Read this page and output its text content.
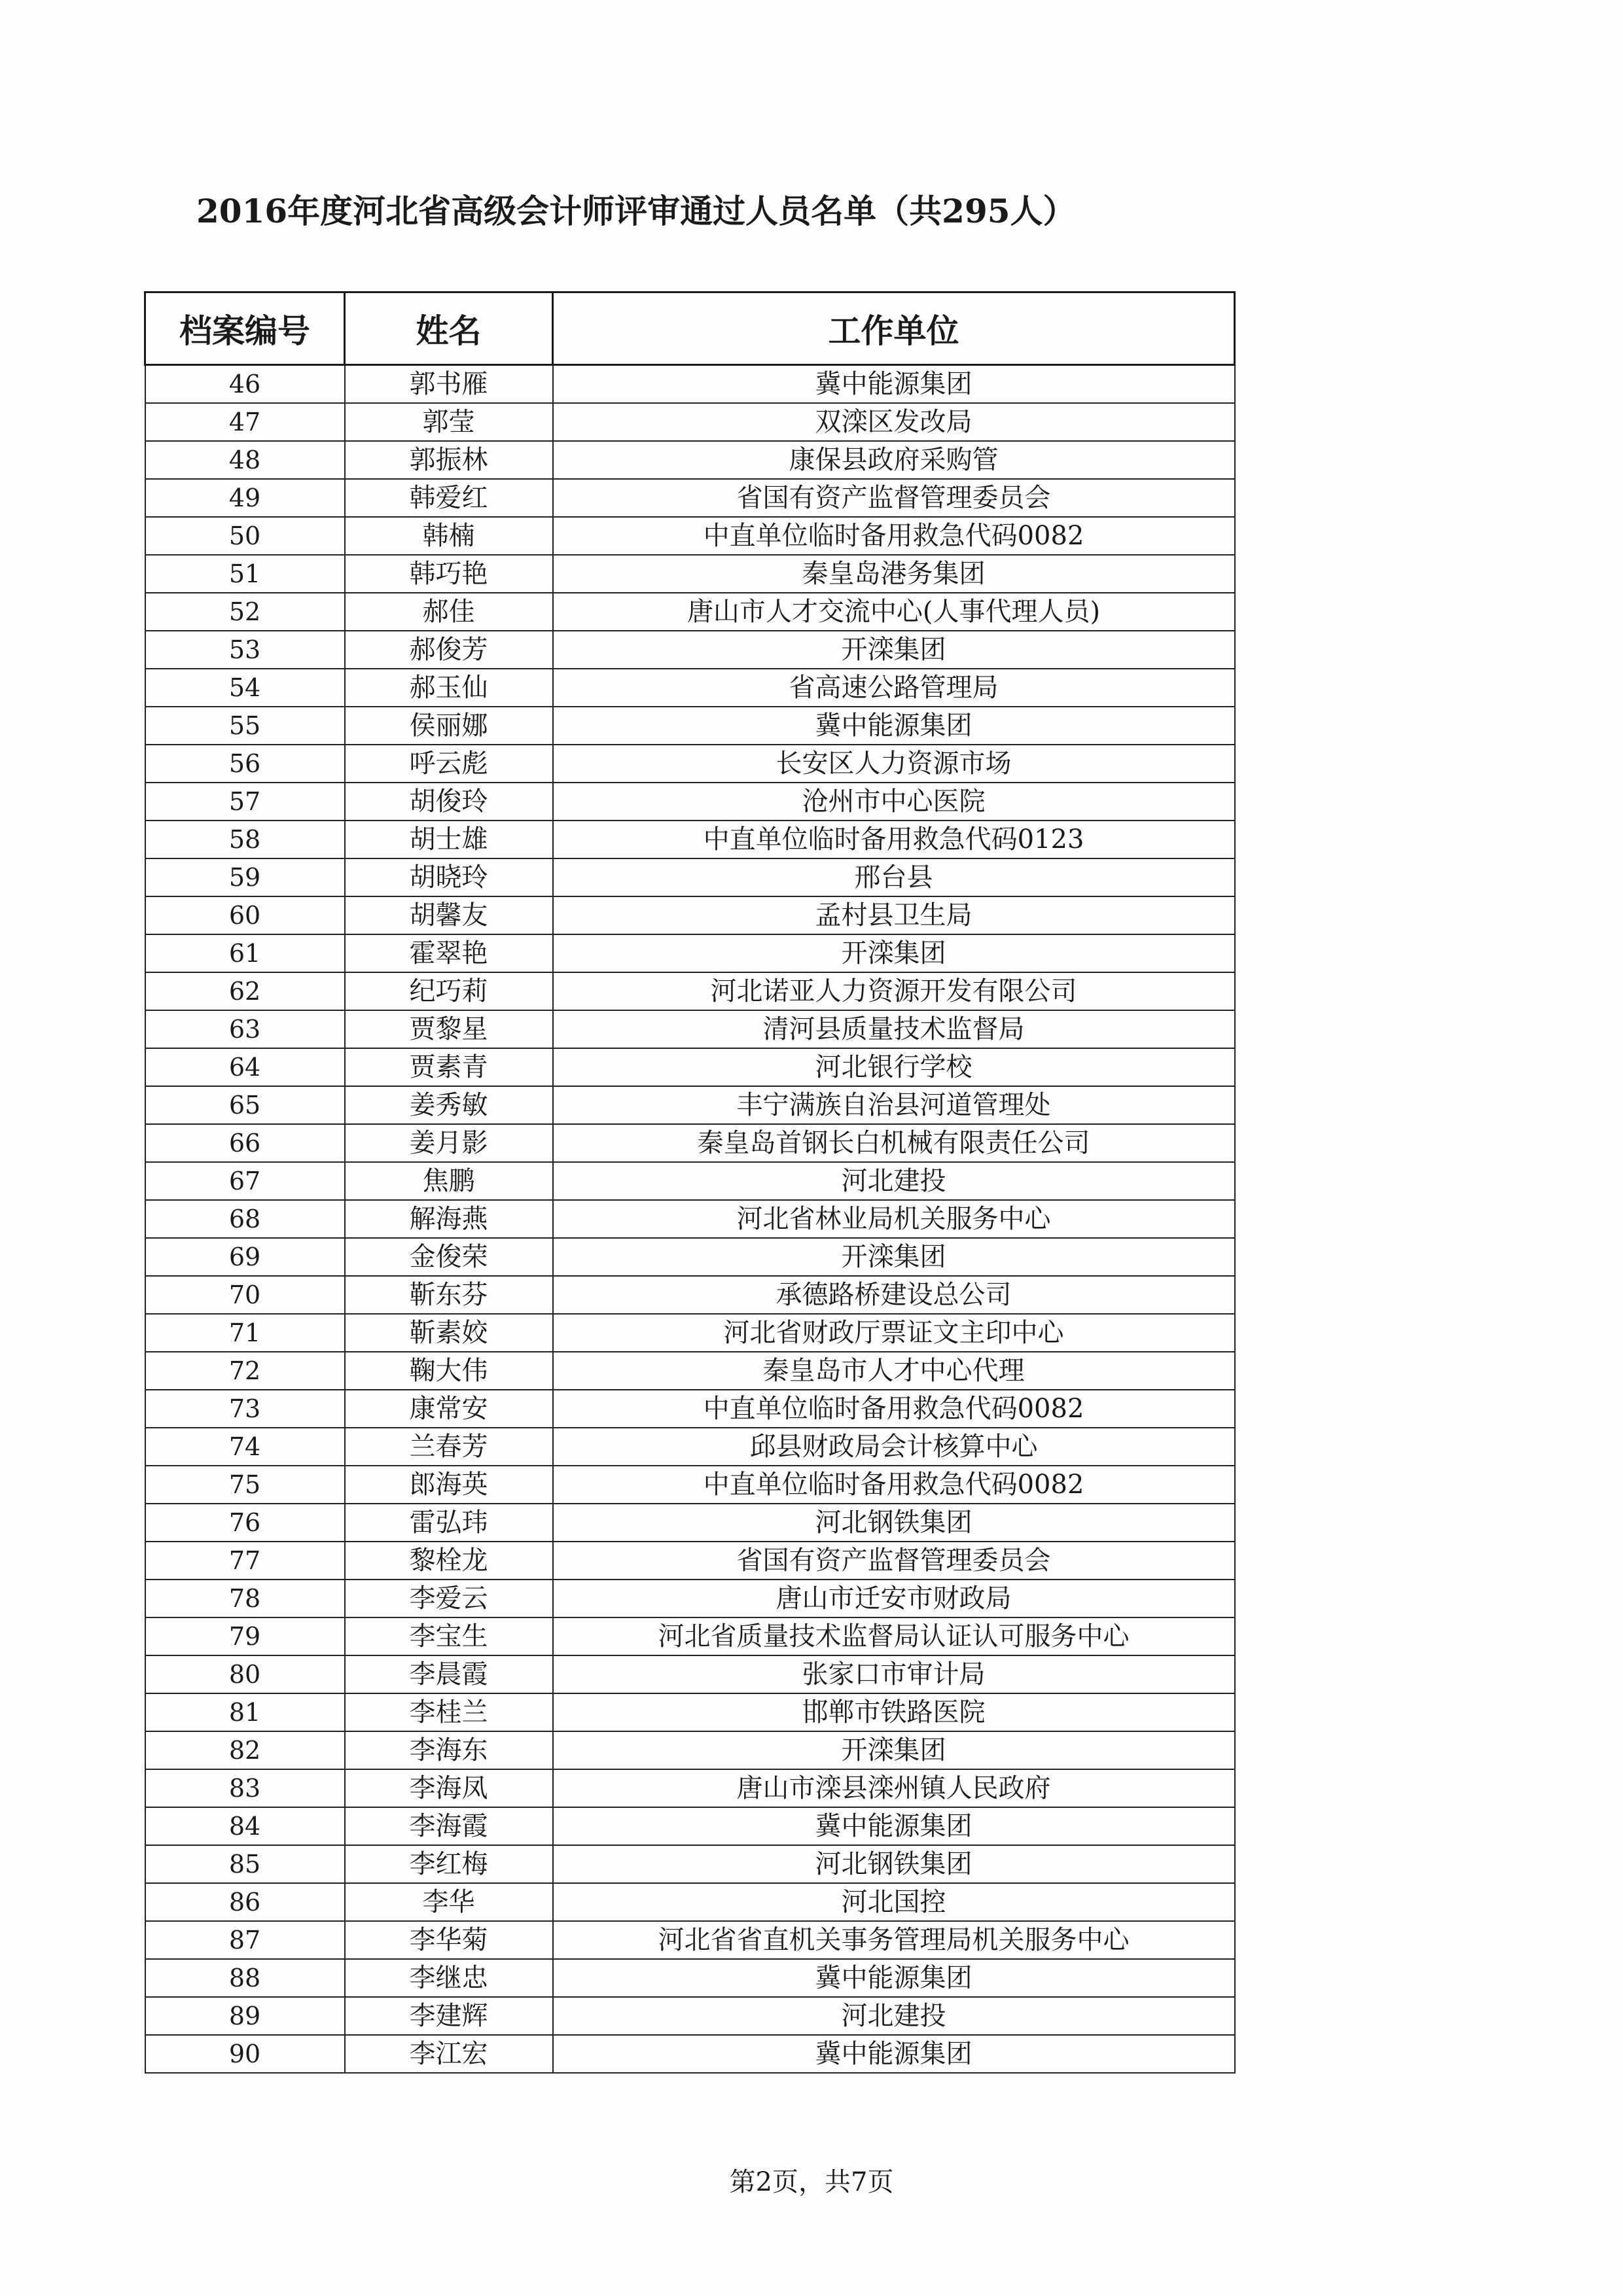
2016年度河北省高级会计师评审通过人员名单（共295人）
档案编号	姓名	工作单位
46	郭书雁	冀中能源集团
47	郭莹	双滦区发改局
48	郭振林	康保县政府采购管
49	韩爱红	省国有资产监督管理委员会
50	韩楠	中直单位临时备用救急代码0082
51	韩巧艳	秦皇岛港务集团
52	郝佳	唐山市人才交流中心(人事代理人员)
53	郝俊芳	开滦集团
54	郝玉仙	省高速公路管理局
55	侯丽娜	冀中能源集团
56	呼云彪	长安区人力资源市场
57	胡俊玲	沧州市中心医院
58	胡士雄	中直单位临时备用救急代码0123
59	胡晓玲	邢台县
60	胡馨友	孟村县卫生局
61	霍翠艳	开滦集团
62	纪巧莉	河北诺亚人力资源开发有限公司
63	贾黎星	清河县质量技术监督局
64	贾素青	河北银行学校
65	姜秀敏	丰宁满族自治县河道管理处
66	姜月影	秦皇岛首钢长白机械有限责任公司
67	焦鹏	河北建投
68	解海燕	河北省林业局机关服务中心
69	金俊荣	开滦集团
70	靳东芬	承德路桥建设总公司
71	靳素姣	河北省财政厅票证文主印中心
72	鞠大伟	秦皇岛市人才中心代理
73	康常安	中直单位临时备用救急代码0082
74	兰春芳	邱县财政局会计核算中心
75	郎海英	中直单位临时备用救急代码0082
76	雷弘玮	河北钢铁集团
77	黎栓龙	省国有资产监督管理委员会
78	李爱云	唐山市迁安市财政局
79	李宝生	河北省质量技术监督局认证认可服务中心
80	李晨霞	张家口市审计局
81	李桂兰	邯郸市铁路医院
82	李海东	开滦集团
83	李海凤	唐山市滦县滦州镇人民政府
84	李海霞	冀中能源集团
85	李红梅	河北钢铁集团
86	李华	河北国控
87	李华菊	河北省省直机关事务管理局机关服务中心
88	李继忠	冀中能源集团
89	李建辉	河北建投
90	李江宏	冀中能源集团
第2页，共7页
